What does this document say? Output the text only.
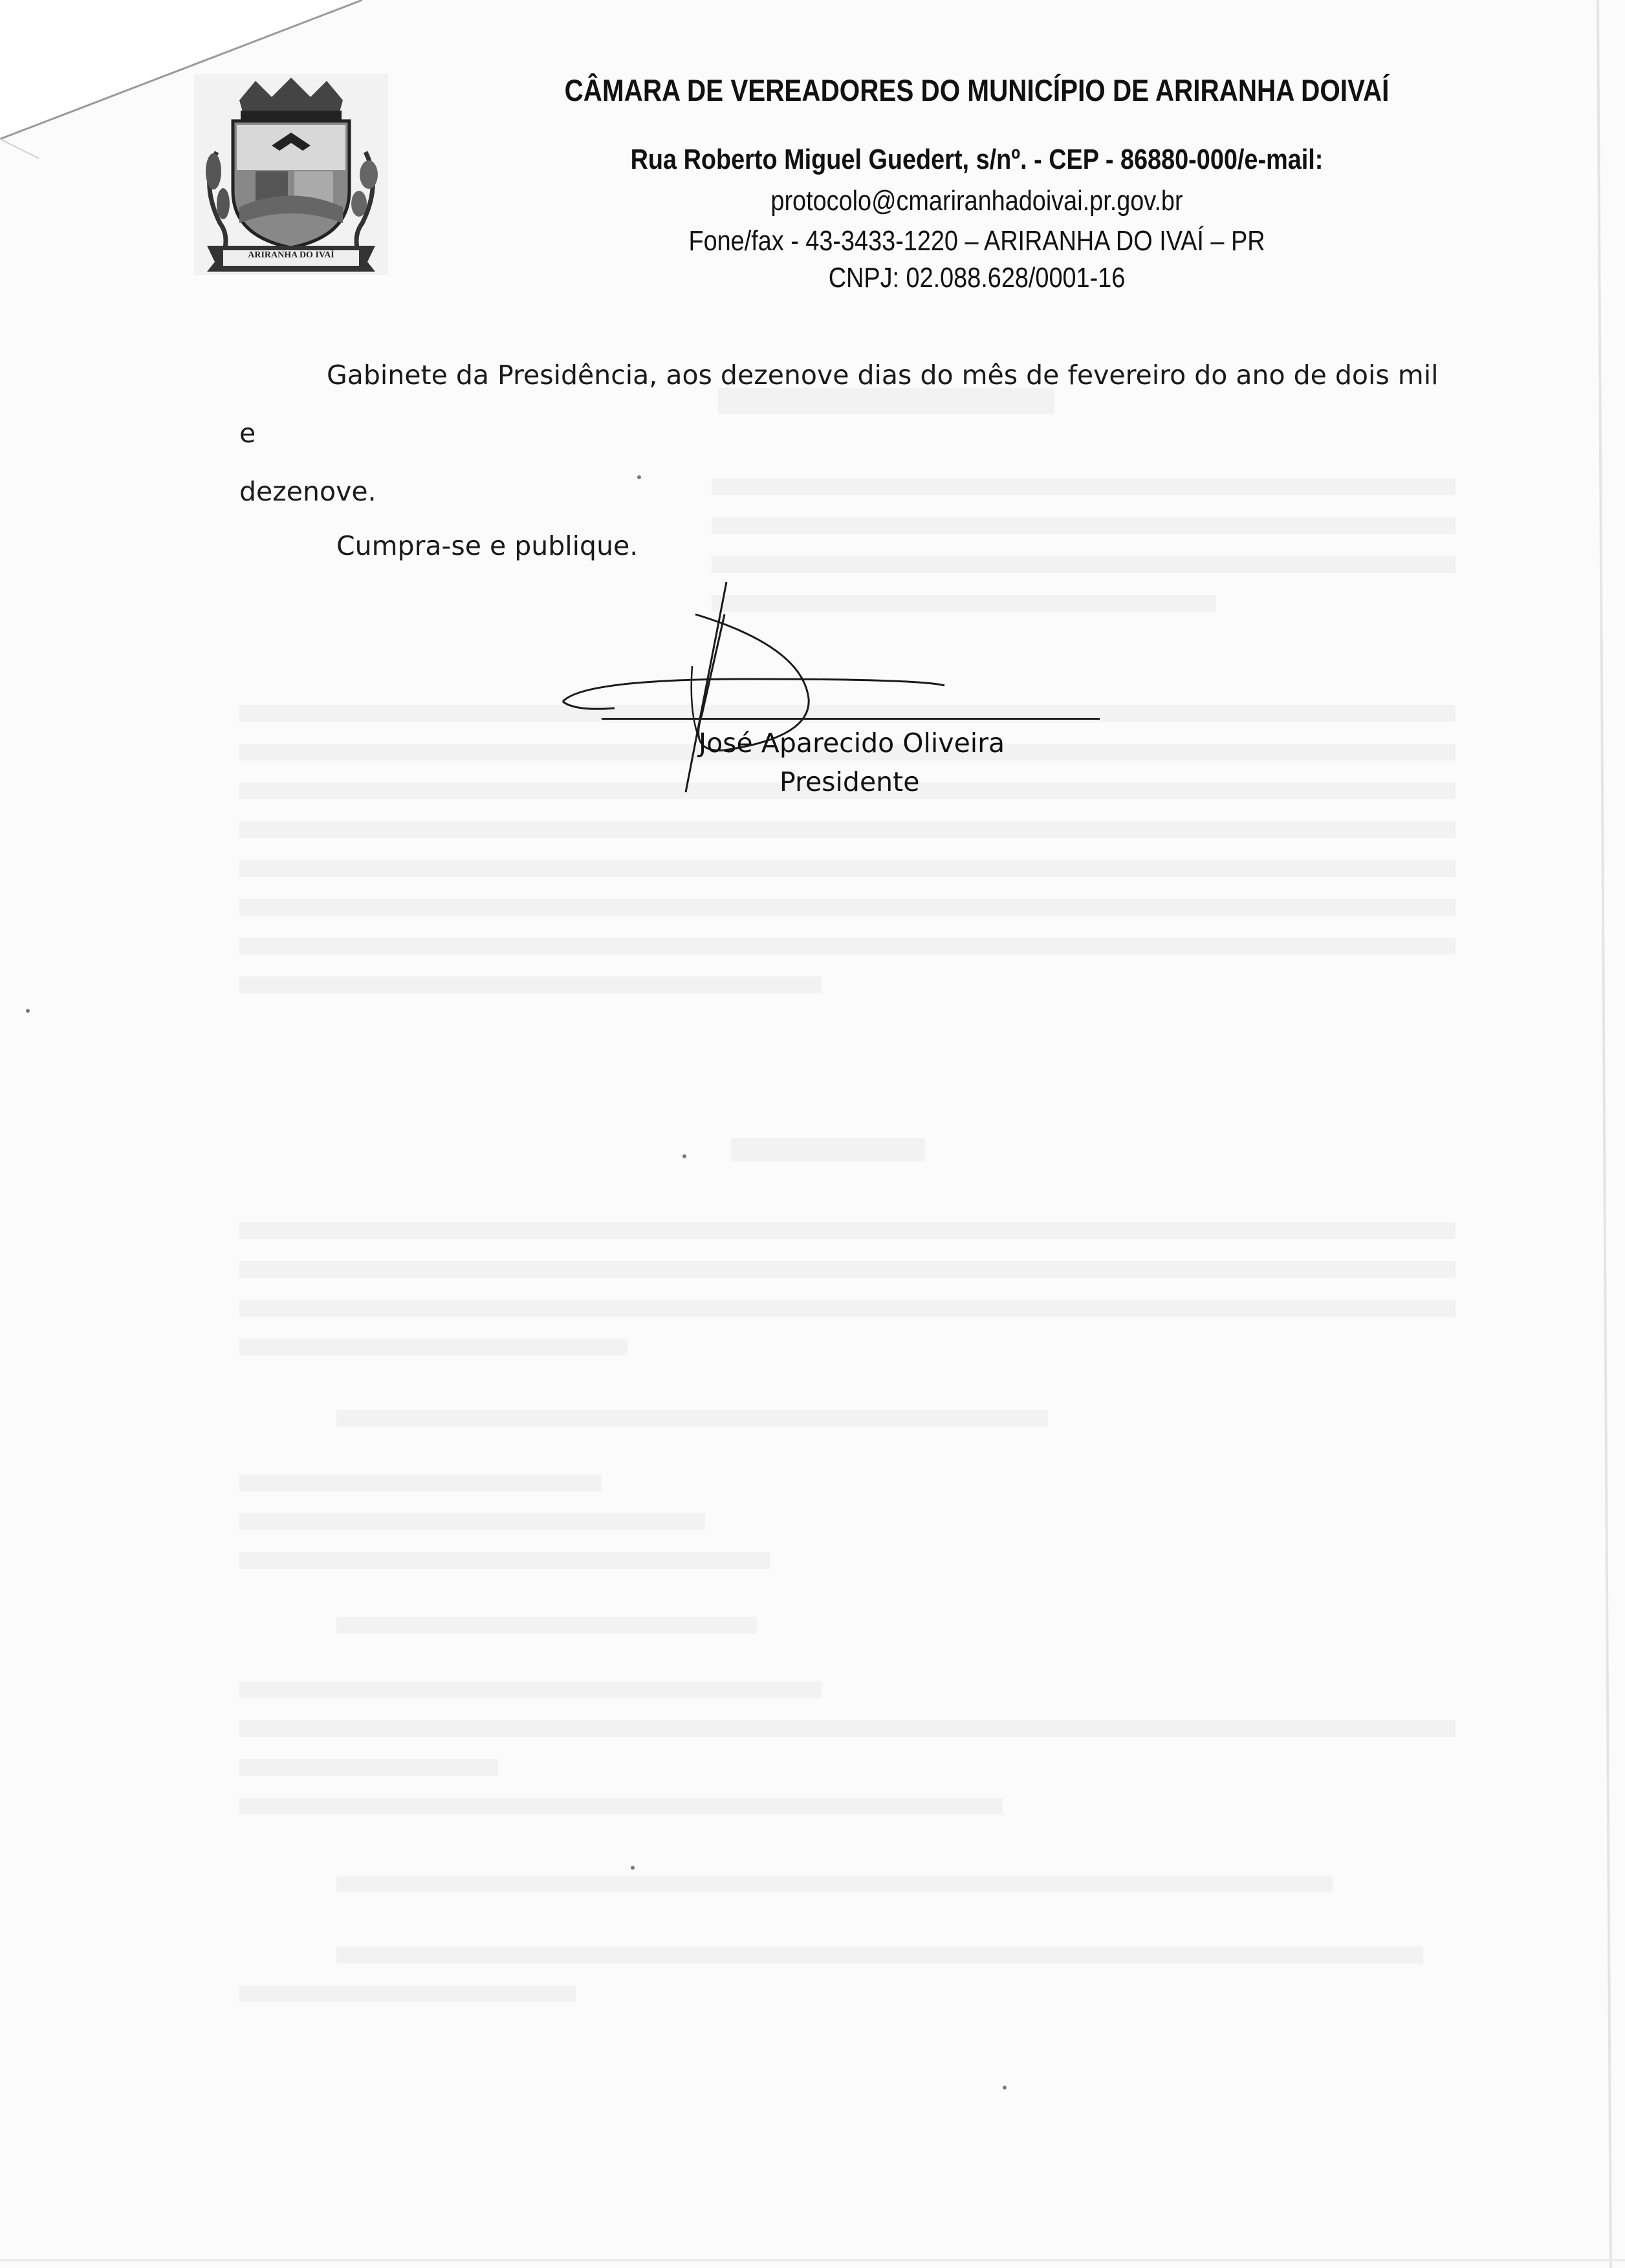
ARIRANHA DO IVAÍ
CÂMARA DE VEREADORES DO MUNICÍPIO DE ARIRANHA DOIVAÍ
Rua Roberto Miguel Guedert, s/nº. - CEP - 86880-000/e-mail:
protocolo@cmariranhadoivai.pr.gov.br
Fone/fax - 43-3433-1220 – ARIRANHA DO IVAÍ – PR
CNPJ: 02.088.628/0001-16
Gabinete da Presidência, aos dezenove dias do mês de fevereiro do ano de dois mil e
dezenove.
Cumpra-se e publique.
José Aparecido Oliveira
Presidente
